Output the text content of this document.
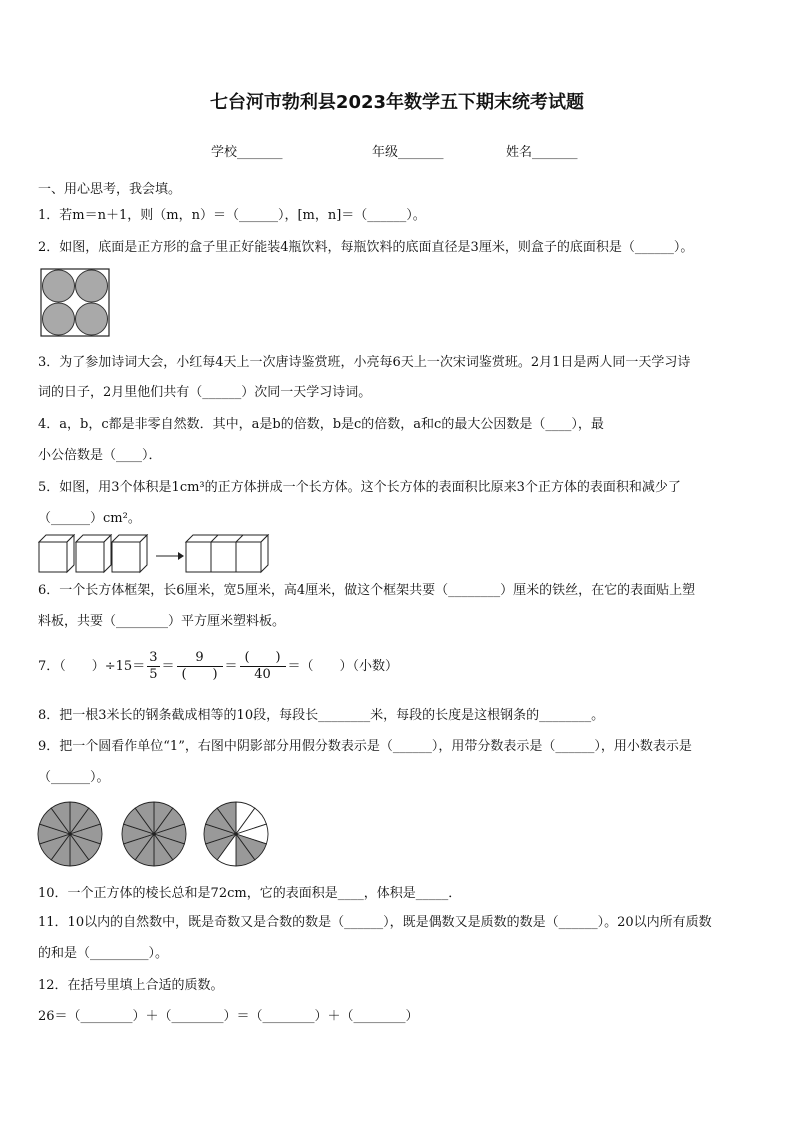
七台河市勃利县2023年数学五下期末统考试题
学校_______	年级_______	姓名_______
一、用心思考，我会填。
1．若m＝n＋1，则（m，n）＝（______），[m，n]＝（______）。
2．如图，底面是正方形的盒子里正好能装4瓶饮料，每瓶饮料的底面直径是3厘米，则盒子的底面积是（______）。
3．为了参加诗词大会，小红每4天上一次唐诗鉴赏班，小亮每6天上一次宋词鉴赏班。2月1日是两人同一天学习诗
词的日子，2月里他们共有（______）次同一天学习诗词。
4．a，b，c都是非零自然数．其中，a是b的倍数，b是c的倍数，a和c的最大公因数是（____），最
小公倍数是（____）．
5．如图，用3个体积是1cm³的正方体拼成一个长方体。这个长方体的表面积比原来3个正方体的表面积和减少了
（______）cm²。
6．一个长方体框架，长6厘米，宽5厘米，高4厘米，做这个框架共要（________）厘米的铁丝，在它的表面贴上塑
料板，共要（________）平方厘米塑料板。
7．（　　）$\div 15= \frac{3}{5} = \frac{9}{( )} = \frac{( )}{40}$ ＝（　　）（小数）
8．把一根3米长的钢条截成相等的10段，每段长________米，每段的长度是这根钢条的________。
9．把一个圆看作单位“1”，右图中阴影部分用假分数表示是（______），用带分数表示是（______），用小数表示是
（______）。
10．一个正方体的棱长总和是72cm，它的表面积是____，体积是_____．
11．10以内的自然数中，既是奇数又是合数的数是（______），既是偶数又是质数的数是（______）。20以内所有质数
的和是（_________）。
12．在括号里填上合适的质数。
26＝（________）＋（________）＝（________）＋（________）
